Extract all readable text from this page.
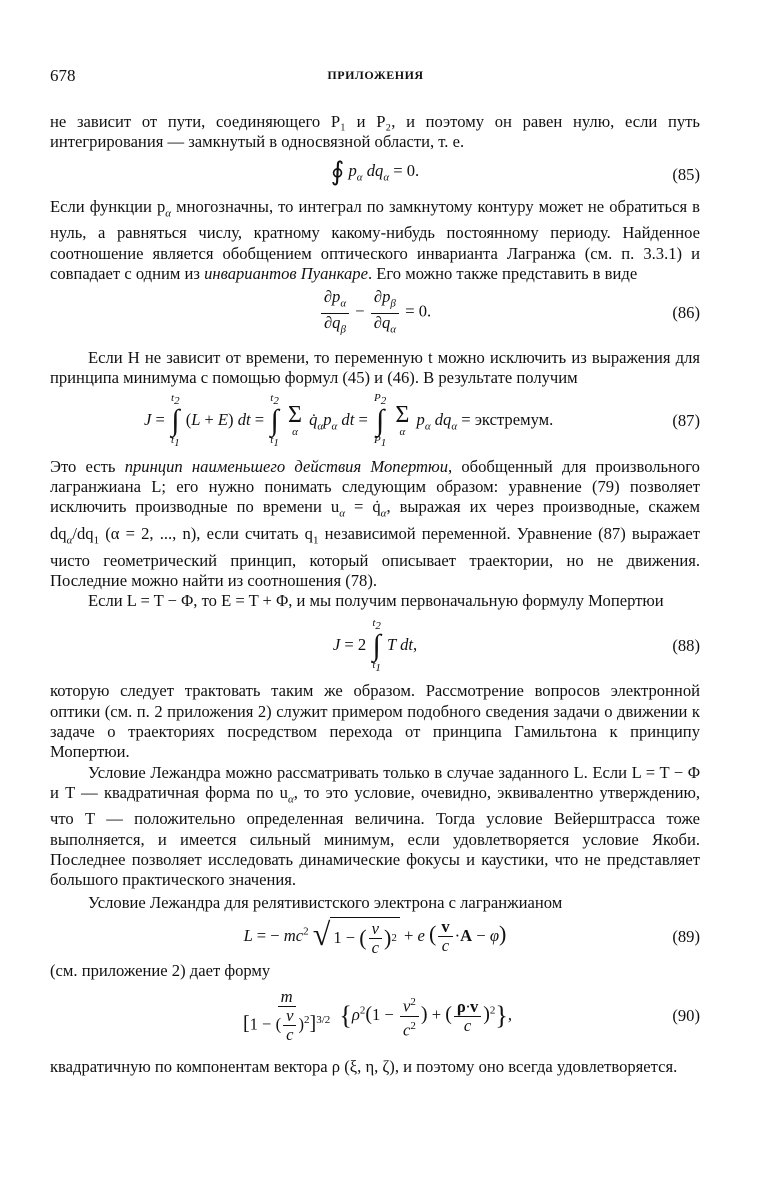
678	ПРИЛОЖЕНИЯ

не зависит от пути, соединяющего P₁ и P₂, и поэтому он равен нулю, если путь интегрирования — замкнутый в односвязной области, т. е.

∮ $p_\alpha$ $dq_\alpha = 0$.	(85)

Если функции $p_\alpha$ многозначны, то интеграл по замкнутому контуру может не обратиться в нуль, а равняться числу, кратному какому-нибудь постоянному периоду. Найденное соотношение является обобщением оптического инварианта Лагранжа (см. п. 3.3.1) и совпадает с одним из инвариантов Пуанкаре. Его можно также представить в виде

$\frac{\partial p_\alpha}{\partial q_\beta} - \frac{\partial p_\beta}{\partial q_\alpha} = 0$.	(86)

Если H не зависит от времени, то переменную t можно исключить из выражения для принципа минимума с помощью формул (45) и (46). В результате получим

J =
$t_2$
∫
$t_1$
(L + E) dt =
$t_2$
∫
$t_1$

Σ
α
$q̇_\alpha p_\alpha$ dt =
$P_2$
∫
$P_1$

Σ
α
$p_\alpha$ $dq_\alpha$ = экстремум.	(87)

Это есть принцип наименьшего действия Мопертюи, обобщенный для произвольного лагранжиана L; его нужно понимать следующим образом: уравнение (79) позволяет исключить производные по времени $u_\alpha$ = $q̇_\alpha$, выражая их через производные, скажем $dq_\alpha/dq_1$ (α = 2, ..., n), если считать $q_1$ независимой переменной. Уравнение (87) выражает чисто геометрический принцип, который описывает траектории, но не движения. Последние можно найти из соотношения (78).

Если L = T − Φ, то E = T + Φ, и мы получим первоначальную формулу Мопертюи

J = 2
$t_2$
∫
$t_1$
T dt,	(88)

которую следует трактовать таким же образом. Рассмотрение вопросов электронной оптики (см. п. 2 приложения 2) служит примером подобного сведения задачи о движении к задаче о траекториях посредством перехода от принципа Гамильтона к принципу Мопертюи.

Условие Лежандра можно рассматривать только в случае заданного L. Если L = T − Φ и T — квадратичная форма по $u_\alpha$, то это условие, очевидно, эквивалентно утверждению, что T — положительно определенная величина. Тогда условие Вейерштрасса тоже выполняется, и имеется сильный минимум, если удовлетворяется условие Якоби. Последнее позволяет исследовать динамические фокусы и каустики, что не представляет большого практического значения.

Условие Лежандра для релятивистского электрона с лагранжианом

L = − $mc^2$ √ 1 −
( $\frac{v}{c}$ ) 2 + e ( $\frac{v}{c} \cdot A - \varphi$)	(89)

(см. приложение 2) дает форму

$\frac{m}{[1 - ( \frac{v}{c} )^2]^{3/2}} \{\rho^2(1 - \frac{v^2}{c^2}$ ) + ( $\frac{\rho\cdot v}{c} )^2$},	(90)

квадратичную по компонентам вектора ρ (ξ, η, ζ), и поэтому оно всегда удовлетворяется.
